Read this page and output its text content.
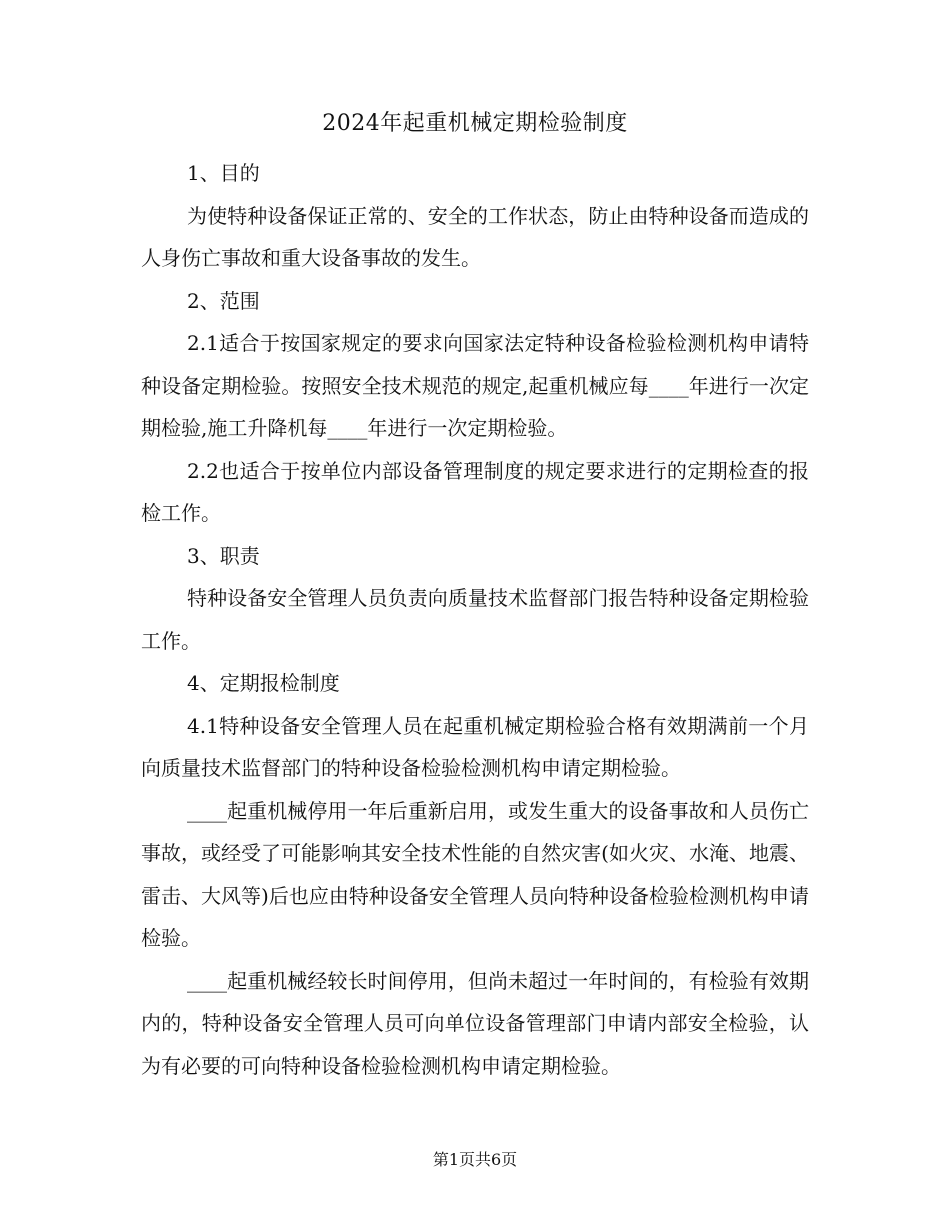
2024年起重机械定期检验制度

1、目的

为使特种设备保证正常的、安全的工作状态，防止由特种设备而造成的人身伤亡事故和重大设备事故的发生。

2、范围

2.1适合于按国家规定的要求向国家法定特种设备检验检测机构申请特种设备定期检验。按照安全技术规范的规定,起重机械应每____年进行一次定期检验,施工升降机每____年进行一次定期检验。

2.2也适合于按单位内部设备管理制度的规定要求进行的定期检查的报检工作。

3、职责

特种设备安全管理人员负责向质量技术监督部门报告特种设备定期检验工作。

4、定期报检制度

4.1特种设备安全管理人员在起重机械定期检验合格有效期满前一个月向质量技术监督部门的特种设备检验检测机构申请定期检验。

____起重机械停用一年后重新启用，或发生重大的设备事故和人员伤亡事故，或经受了可能影响其安全技术性能的自然灾害(如火灾、水淹、地震、雷击、大风等)后也应由特种设备安全管理人员向特种设备检验检测机构申请检验。

____起重机械经较长时间停用，但尚未超过一年时间的，有检验有效期内的，特种设备安全管理人员可向单位设备管理部门申请内部安全检验，认为有必要的可向特种设备检验检测机构申请定期检验。

第1页共6页
